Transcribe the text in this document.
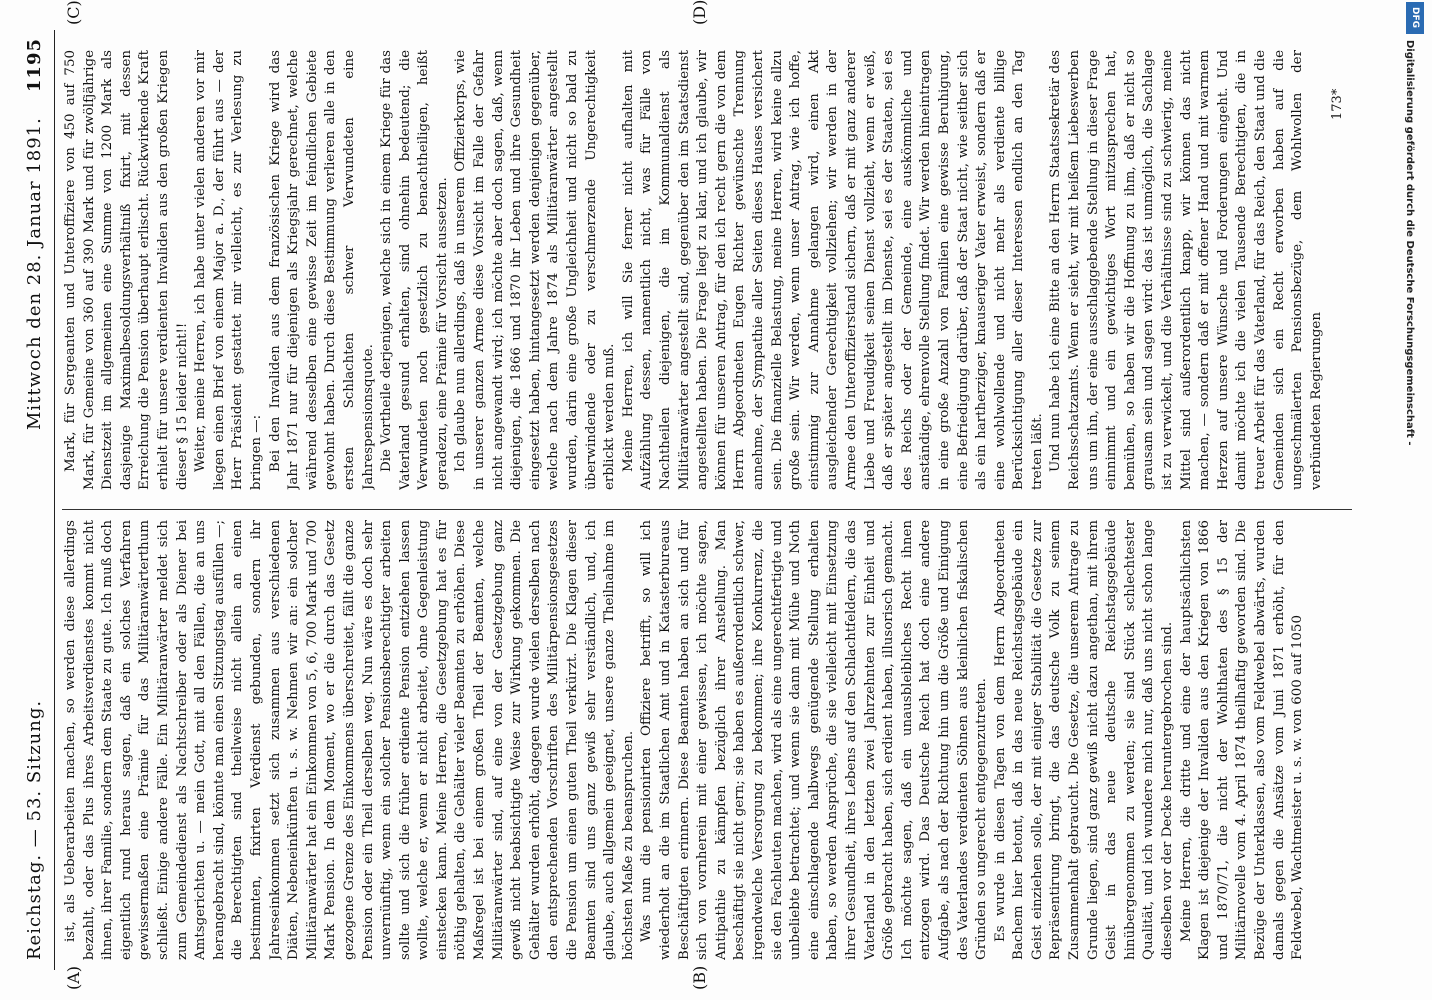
Reichstag. — 53. Sitzung.
Mittwoch den 28. Januar 1891.
1195
(A)	(B)
(C)	(D)

ist, als Ueberarbeiten machen, so werden diese allerdings bezahlt, oder das Plus ihres Arbeitsverdienstes kommt nicht ihnen, ihrer Familie, sondern dem Staate zu gute. Ich muß doch eigentlich rund heraus sagen, daß ein solches Verfahren gewissermaßen eine Prämie für das Militäranwärterthum schließt. Einige andere Fälle. Ein Militäranwärter meldet sich zum Gemeindedienst als Nachtschreiber oder als Diener bei Amtsgerichten u. — mein Gott, mit all den Fällen, die an uns herangebracht sind, könnte man einen Sitzungstag ausfüllen —; die Berechtigten sind theilweise nicht allein an einen bestimmten, fixirten Verdienst gebunden, sondern ihr Jahreseinkommen setzt sich zusammen aus verschiedenen Diäten, Nebeneinkünften u. s. w. Nehmen wir an: ein solcher Militäranwärter hat ein Einkommen von 5, 6, 700 Mark und 700 Mark Pension. In dem Moment, wo er die durch das Gesetz gezogene Grenze des Einkommens überschreitet, fällt die ganze Pension oder ein Theil derselben weg. Nun wäre es doch sehr unvernünftig, wenn ein solcher Pensionsberechtigter arbeiten sollte und sich die früher erdiente Pension entziehen lassen wollte, welche er, wenn er nicht arbeitet, ohne Gegenleistung einstecken kann. Meine Herren, die Gesetzgebung hat es für nöthig gehalten, die Gehälter vieler Beamten zu erhöhen. Diese Maßregel ist bei einem großen Theil der Beamten, welche Militäranwärter sind, auf eine von der Gesetzgebung ganz gewiß nicht beabsichtigte Weise zur Wirkung gekommen. Die Gehälter wurden erhöht, dagegen wurde vielen derselben nach den entsprechenden Vorschriften des Militärpensionsgesetzes die Pension um einen guten Theil verkürzt. Die Klagen dieser Beamten sind uns ganz gewiß sehr verständlich, und, ich glaube, auch allgemein geeignet, unsere ganze Theilnahme im höchsten Maße zu beanspruchen. Was nun die pensionirten Offiziere betrifft, so will ich wiederholt an die im Staatlichen Amt und in Katasterbureaus Beschäftigten erinnern. Diese Beamten haben an sich und für sich von vornherein mit einer gewissen, ich möchte sagen, Antipathie zu kämpfen bezüglich ihrer Anstellung. Man beschäftigt sie nicht gern; sie haben es außerordentlich schwer, irgendwelche Versorgung zu bekommen; ihre Konkurrenz, die sie den Fachleuten machen, wird als eine ungerechtfertigte und unbeliebte betrachtet; und wenn sie dann mit Mühe und Noth eine einschlagende halbwegs genügende Stellung erhalten haben, so werden Ansprüche, die sie vielleicht mit Einsetzung ihrer Gesundheit, ihres Lebens auf den Schlachtfeldern, die das Vaterland in den letzten zwei Jahrzehnten zur Einheit und Größe gebracht haben, sich erdient haben, illusorisch gemacht. Ich möchte sagen, daß ein unausbleibliches Recht ihnen entzogen wird. Das Deutsche Reich hat doch eine andere Aufgabe, als nach der Richtung hin um die Größe und Einigung des Vaterlandes verdienten Söhnen aus kleinlichen fiskalischen Gründen so ungerecht entgegenzutreten. Es wurde in diesen Tagen von dem Herrn Abgeordneten Bachem hier betont, daß in das neue Reichstagsgebäude ein Geist einziehen solle, der mit einiger Stabilität die Gesetze zur Repräsentirung bringt, die das deutsche Volk zu seinem Zusammenhalt gebraucht. Die Gesetze, die unserem Antrage zu Grunde liegen, sind ganz gewiß nicht dazu angethan, mit ihrem Geist in das neue deutsche Reichstagsgebäude hinübergenommen zu werden; sie sind Stück schlechtester Qualität, und ich wundere mich nur, daß uns nicht schon lange dieselben vor der Decke heruntergebrochen sind. Meine Herren, die dritte und eine der hauptsächlichsten Klagen ist diejenige der Invaliden aus den Kriegen von 1866 und 1870/71, die nicht der Wohlthaten des § 15 der Militärnovelle vom 4. April 1874 theilhaftig geworden sind. Die Bezüge der Unterklassen, also vom Feldwebel abwärts, wurden damals gegen die Ansätze vom Juni 1871 erhöht, für den Feldwebel, Wachtmeister u. s. w. von 600 auf 1050

Mark, für Sergeanten und Unteroffiziere von 450 auf 750 Mark, für Gemeine von 360 auf 390 Mark und für zwölfjährige Dienstzeit im allgemeinen eine Summe von 1200 Mark als dasjenige Maximalbesoldungsverhältniß fixirt, mit dessen Erreichung die Pension überhaupt erlischt. Rückwirkende Kraft erhielt für unsere verdienten Invaliden aus den großen Kriegen dieser § 15 leider nicht!! Weiter, meine Herren, ich habe unter vielen anderen vor mir liegen einen Brief von einem Major a. D., der führt aus — der Herr Präsident gestattet mir vielleicht, es zur Verlesung zu bringen —: Bei den Invaliden aus dem französischen Kriege wird das Jahr 1871 nur für diejenigen als Kriegsjahr gerechnet, welche während desselben eine gewisse Zeit im feindlichen Gebiete gewohnt haben. Durch diese Bestimmung verlieren alle in den ersten Schlachten schwer Verwundeten eine Jahrespensionsquote. Die Vortheile derjenigen, welche sich in einem Kriege für das Vaterland gesund erhalten, sind ohnehin bedeutend; die Verwundeten noch gesetzlich zu benachtheiligen, heißt geradezu, eine Prämie für Vorsicht aussetzen. Ich glaube nun allerdings, daß in unserem Offizierkorps, wie in unserer ganzen Armee diese Vorsicht im Falle der Gefahr nicht angewandt wird; ich möchte aber doch sagen, daß, wenn diejenigen, die 1866 und 1870 ihr Leben und ihre Gesundheit eingesetzt haben, hintangesetzt werden denjenigen gegenüber, welche nach dem Jahre 1874 als Militäranwärter angestellt wurden, darin eine große Ungleichheit und nicht so bald zu überwindende oder zu verschmerzende Ungerechtigkeit erblickt werden muß. Meine Herren, ich will Sie ferner nicht aufhalten mit Aufzählung dessen, namentlich nicht, was für Fälle von Nachtheilen diejenigen, die im Kommunaldienst als Militäranwärter angestellt sind, gegenüber den im Staatsdienst angestellten haben. Die Frage liegt zu klar, und ich glaube, wir können für unseren Antrag, für den ich recht gern die von dem Herrn Abgeordneten Eugen Richter gewünschte Trennung annehme, der Sympathie aller Seiten dieses Hauses versichert sein. Die finanzielle Belastung, meine Herren, wird keine allzu große sein. Wir werden, wenn unser Antrag, wie ich hoffe, einstimmig zur Annahme gelangen wird, einen Akt ausgleichender Gerechtigkeit vollziehen; wir werden in der Armee den Unteroffizierstand sichern, daß er mit ganz anderer Liebe und Freudigkeit seinen Dienst vollzieht, wenn er weiß, daß er später angestellt im Dienste, sei es der Staaten, sei es des Reichs oder der Gemeinde, eine auskömmliche und anständige, ehrenvolle Stellung findet. Wir werden hineintragen in eine große Anzahl von Familien eine gewisse Beruhigung, eine Befriedigung darüber, daß der Staat nicht, wie seither sich als ein hartherziger, knauseriger Vater erweist, sondern daß er eine wohlwollende und nicht mehr als verdiente billige Berücksichtigung aller dieser Interessen endlich an den Tag treten läßt. Und nun habe ich eine Bitte an den Herrn Staatssekretär des Reichsschatzamts. Wenn er sieht, wir mit heißem Liebeswerben uns um ihn, der eine ausschlaggebende Stellung in dieser Frage einnimmt und ein gewichtiges Wort mitzusprechen hat, bemühen, so haben wir die Hoffnung zu ihm, daß er nicht so grausam sein und sagen wird: das ist unmöglich, die Sachlage ist zu verwickelt, und die Verhältnisse sind zu schwierig, meine Mittel sind außerordentlich knapp, wir können das nicht machen, — sondern daß er mit offener Hand und mit warmem Herzen auf unsere Wünsche und Forderungen eingeht. Und damit möchte ich die vielen Tausende Berechtigten, die in treuer Arbeit für das Vaterland, für das Reich, den Staat und die Gemeinden sich ein Recht erworben haben auf die ungeschmälerten Pensionsbezüge, dem Wohlwollen der verbündeten Regierungen

173*
DFG
Digitalisierung gefördert durch die Deutsche Forschungsgemeinschaft -
